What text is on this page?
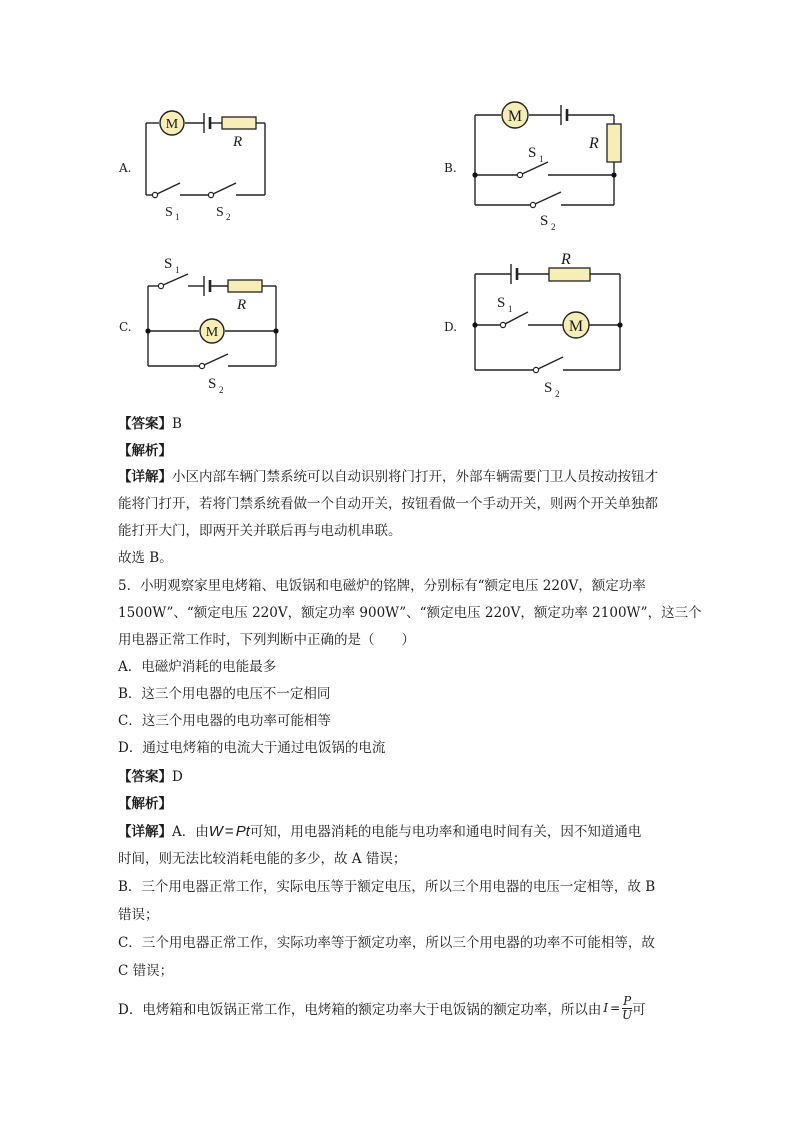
A.
M
R
S 1	S 2
B.
M
R
S 1
S 2
C.
R
M
S 1
S 2
D.
R
M
S 1
S 2
【答案】B
【解析】
【详解】小区内部车辆门禁系统可以自动识别将门打开，外部车辆需要门卫人员按动按钮才
能将门打开，若将门禁系统看做一个自动开关，按钮看做一个手动开关，则两个开关单独都
能打开大门，即两开关并联后再与电动机串联。
故选 B。
5．小明观察家里电烤箱、电饭锅和电磁炉的铭牌，分别标有“额定电压 220V，额定功率
1500W”、“额定电压 220V，额定功率 900W”、“额定电压 220V，额定功率 2100W”，这三个
用电器正常工作时，下列判断中正确的是（　　）
A．电磁炉消耗的电能最多
B．这三个用电器的电压不一定相同
C．这三个用电器的电功率可能相等
D．通过电烤箱的电流大于通过电饭锅的电流
【答案】D
【解析】
【详解】A．由W = Pt可知，用电器消耗的电能与电功率和通电时间有关，因不知道通电
时间，则无法比较消耗电能的多少，故 A 错误；
B．三个用电器正常工作，实际电压等于额定电压，所以三个用电器的电压一定相等，故 B
错误；
C．三个用电器正常工作，实际功率等于额定功率，所以三个用电器的功率不可能相等，故
C 错误；
D．电烤箱和电饭锅正常工作，电烤箱的额定功率大于电饭锅的额定功率，所以由 $I = \frac{P}{U}$ 可
